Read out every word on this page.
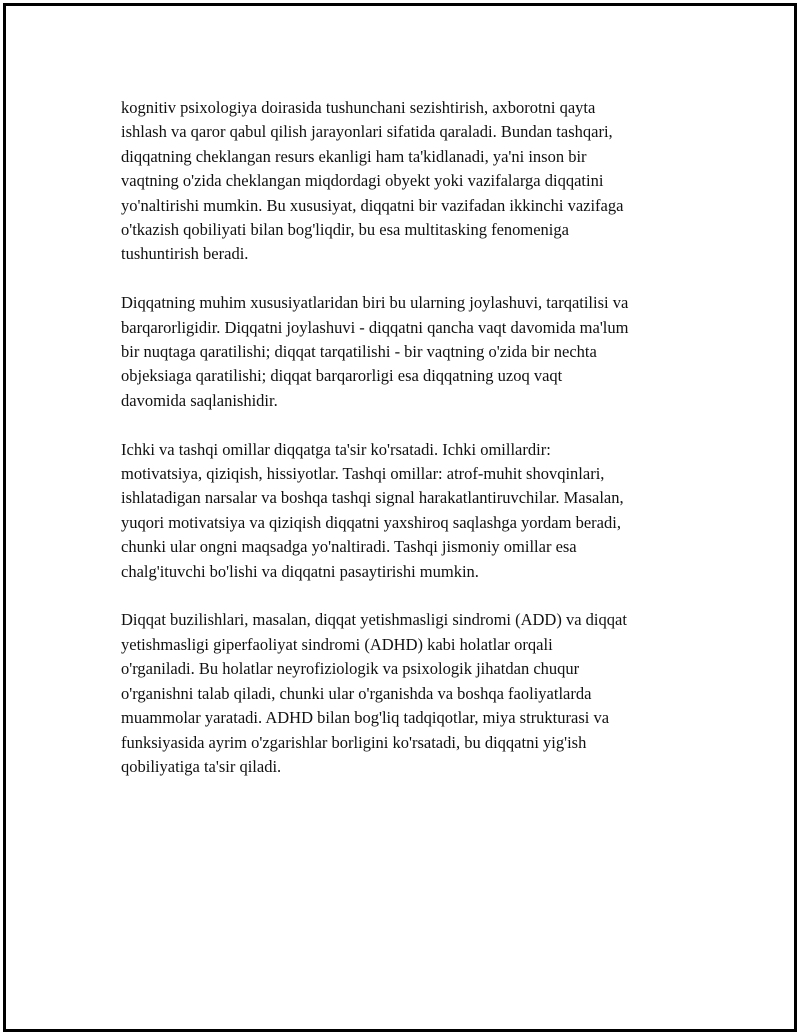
kognitiv psixologiya doirasida tushunchani sezishtirish, axborotni qayta
ishlash va qaror qabul qilish jarayonlari sifatida qaraladi. Bundan tashqari,
diqqatning cheklangan resurs ekanligi ham ta'kidlanadi, ya'ni inson bir
vaqtning o'zida cheklangan miqdordagi obyekt yoki vazifalarga diqqatini
yo'naltirishi mumkin. Bu xususiyat, diqqatni bir vazifadan ikkinchi vazifaga
o'tkazish qobiliyati bilan bog'liqdir, bu esa multitasking fenomeniga
tushuntirish beradi.

Diqqatning muhim xususiyatlaridan biri bu ularning joylashuvi, tarqatilisi va
barqarorligidir. Diqqatni joylashuvi - diqqatni qancha vaqt davomida ma'lum
bir nuqtaga qaratilishi; diqqat tarqatilishi - bir vaqtning o'zida bir nechta
objeksiaga qaratilishi; diqqat barqarorligi esa diqqatning uzoq vaqt
davomida saqlanishidir.

Ichki va tashqi omillar diqqatga ta'sir ko'rsatadi. Ichki omillardir:
motivatsiya, qiziqish, hissiyotlar. Tashqi omillar: atrof-muhit shovqinlari,
ishlatadigan narsalar va boshqa tashqi signal harakatlantiruvchilar. Masalan,
yuqori motivatsiya va qiziqish diqqatni yaxshiroq saqlashga yordam beradi,
chunki ular ongni maqsadga yo'naltiradi. Tashqi jismoniy omillar esa
chalg'ituvchi bo'lishi va diqqatni pasaytirishi mumkin.

Diqqat buzilishlari, masalan, diqqat yetishmasligi sindromi (ADD) va diqqat
yetishmasligi giperfaoliyat sindromi (ADHD) kabi holatlar orqali
o'rganiladi. Bu holatlar neyrofiziologik va psixologik jihatdan chuqur
o'rganishni talab qiladi, chunki ular o'rganishda va boshqa faoliyatlarda
muammolar yaratadi. ADHD bilan bog'liq tadqiqotlar, miya strukturasi va
funksiyasida ayrim o'zgarishlar borligini ko'rsatadi, bu diqqatni yig'ish
qobiliyatiga ta'sir qiladi.
